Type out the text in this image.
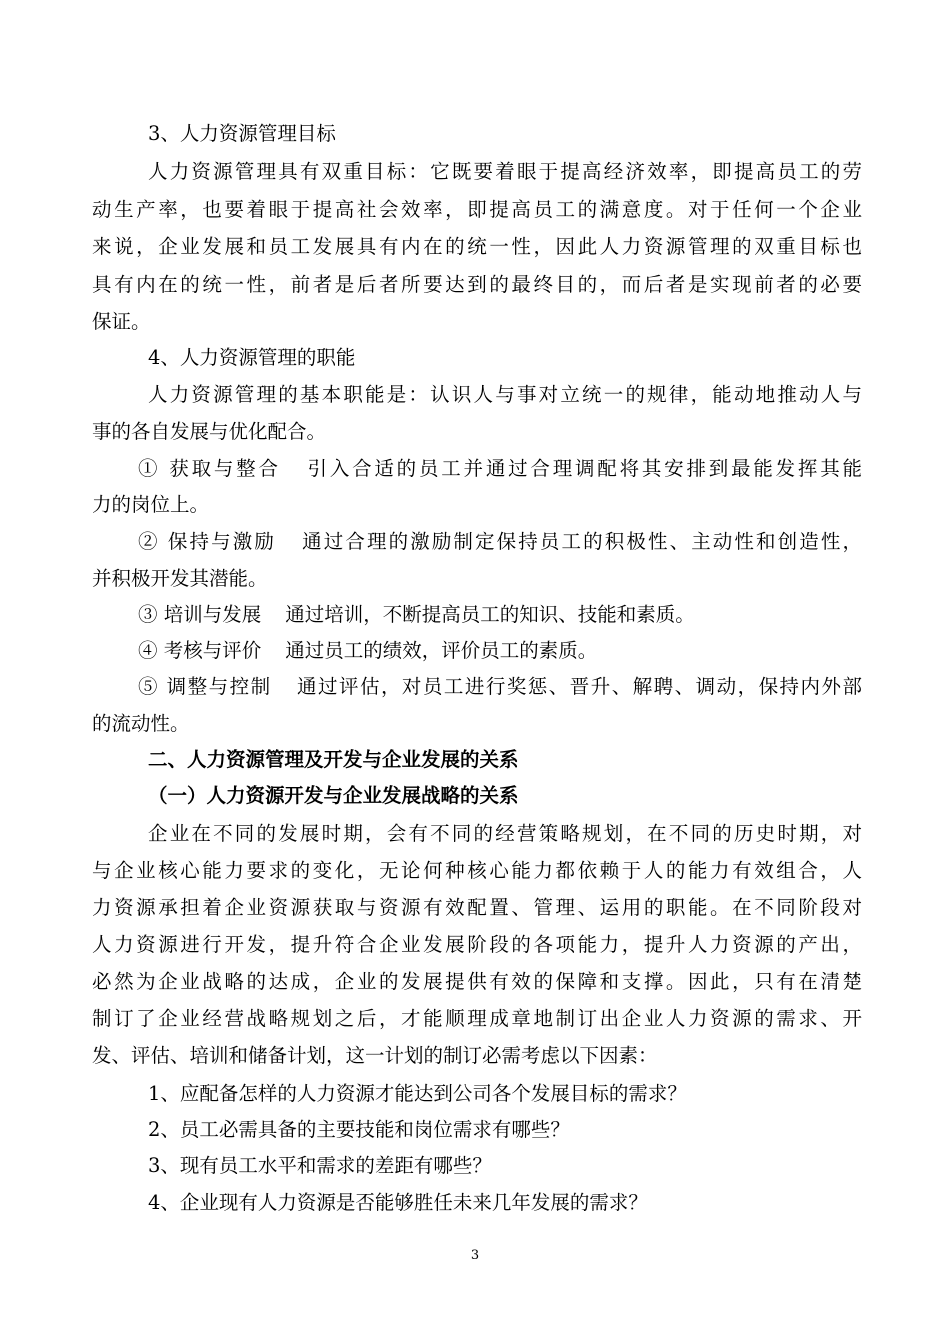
3、人力资源管理目标
人力资源管理具有双重目标：它既要着眼于提高经济效率，即提高员工的劳
动生产率，也要着眼于提高社会效率，即提高员工的满意度。对于任何一个企业
来说，企业发展和员工发展具有内在的统一性，因此人力资源管理的双重目标也
具有内在的统一性，前者是后者所要达到的最终目的，而后者是实现前者的必要
保证。
4、人力资源管理的职能
人力资源管理的基本职能是：认识人与事对立统一的规律，能动地推动人与
事的各自发展与优化配合。
① 获取与整合 引入合适的员工并通过合理调配将其安排到最能发挥其能
力的岗位上。
② 保持与激励 通过合理的激励制定保持员工的积极性、主动性和创造性，
并积极开发其潜能。
③ 培训与发展 通过培训，不断提高员工的知识、技能和素质。
④ 考核与评价 通过员工的绩效，评价员工的素质。
⑤ 调整与控制 通过评估，对员工进行奖惩、晋升、解聘、调动，保持内外部
的流动性。
二、人力资源管理及开发与企业发展的关系
（一）人力资源开发与企业发展战略的关系
企业在不同的发展时期，会有不同的经营策略规划，在不同的历史时期，对
与企业核心能力要求的变化，无论何种核心能力都依赖于人的能力有效组合，人
力资源承担着企业资源获取与资源有效配置、管理、运用的职能。在不同阶段对
人力资源进行开发，提升符合企业发展阶段的各项能力，提升人力资源的产出，
必然为企业战略的达成，企业的发展提供有效的保障和支撑。因此，只有在清楚
制订了企业经营战略规划之后，才能顺理成章地制订出企业人力资源的需求、开
发、评估、培训和储备计划，这一计划的制订必需考虑以下因素：
1、应配备怎样的人力资源才能达到公司各个发展目标的需求？
2、员工必需具备的主要技能和岗位需求有哪些？
3、现有员工水平和需求的差距有哪些？
4、企业现有人力资源是否能够胜任未来几年发展的需求？
3
